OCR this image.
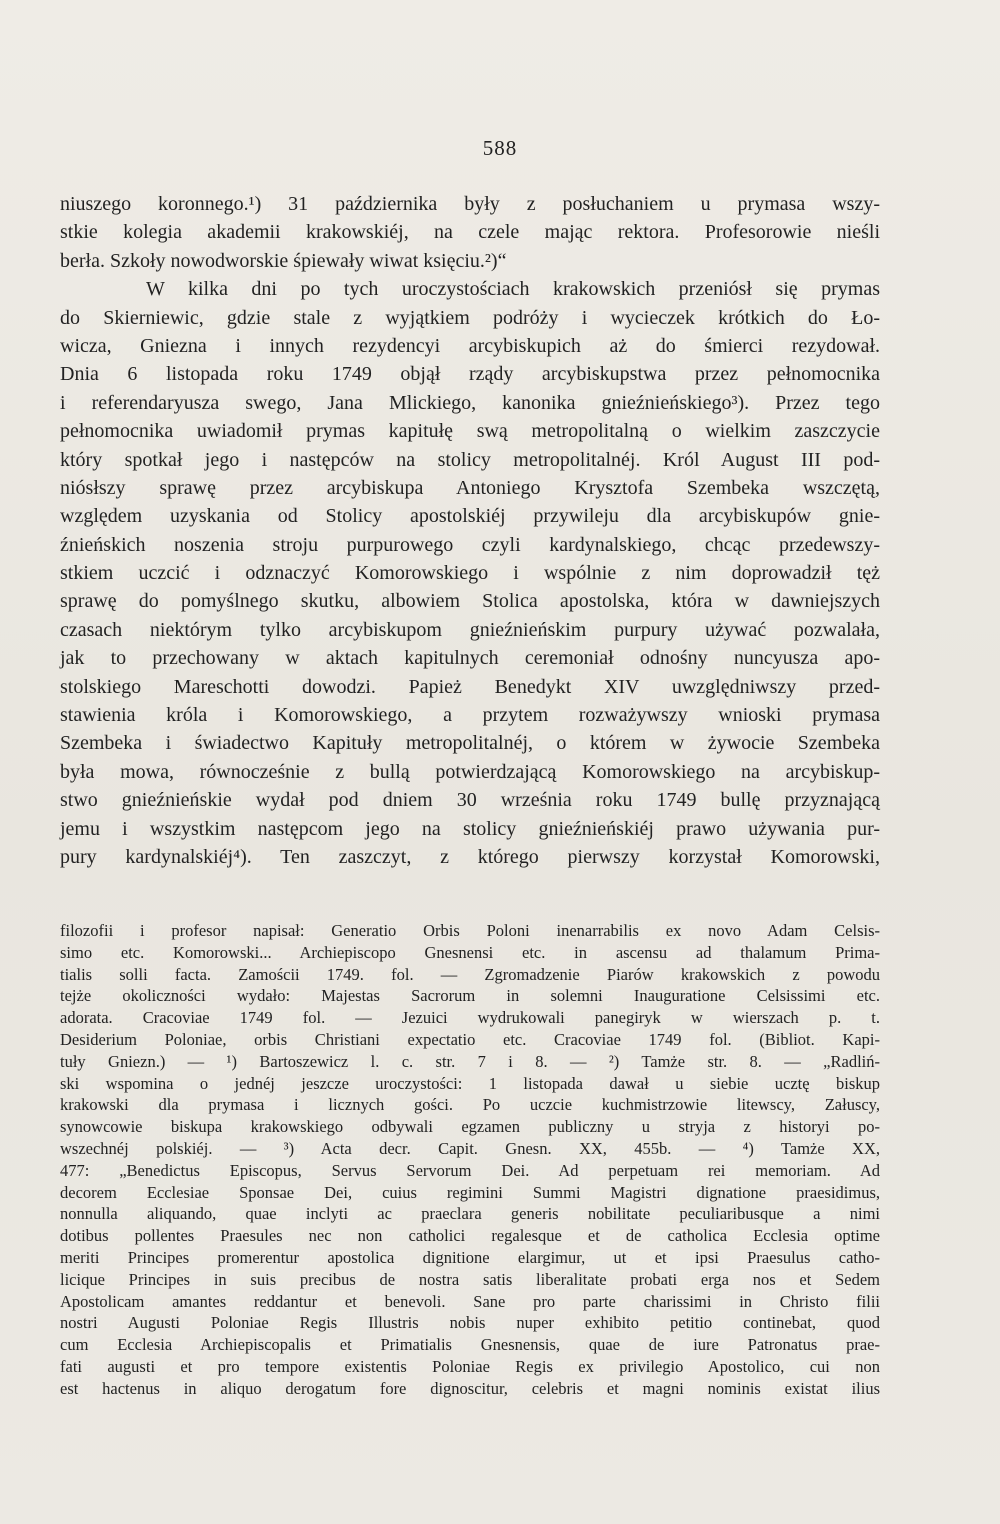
588
niuszego koronnego.¹) 31 października były z posłuchaniem u prymasa wszy-
stkie kolegia akademii krakowskiéj, na czele mając rektora. Profesorowie nieśli
berła. Szkoły nowodworskie śpiewały wiwat księciu.²)“
W kilka dni po tych uroczystościach krakowskich przeniósł się prymas
do Skierniewic, gdzie stale z wyjątkiem podróży i wycieczek krótkich do Ło-
wicza, Gniezna i innych rezydencyi arcybiskupich aż do śmierci rezydował.
Dnia 6 listopada roku 1749 objął rządy arcybiskupstwa przez pełnomocnika
i referendaryusza swego, Jana Mlickiego, kanonika gnieźnieńskiego³). Przez tego
pełnomocnika uwiadomił prymas kapitułę swą metropolitalną o wielkim zaszczycie
który spotkał jego i następców na stolicy metropolitalnéj. Król August III pod-
niósłszy sprawę przez arcybiskupa Antoniego Krysztofa Szembeka wszczętą,
względem uzyskania od Stolicy apostolskiéj przywileju dla arcybiskupów gnie-
źnieńskich noszenia stroju purpurowego czyli kardynalskiego, chcąc przedewszy-
stkiem uczcić i odznaczyć Komorowskiego i wspólnie z nim doprowadził tęż
sprawę do pomyślnego skutku, albowiem Stolica apostolska, która w dawniejszych
czasach niektórym tylko arcybiskupom gnieźnieńskim purpury używać pozwalała,
jak to przechowany w aktach kapitulnych ceremoniał odnośny nuncyusza apo-
stolskiego Mareschotti dowodzi. Papież Benedykt XIV uwzględniwszy przed-
stawienia króla i Komorowskiego, a przytem rozważywszy wnioski prymasa
Szembeka i świadectwo Kapituły metropolitalnéj, o którem w żywocie Szembeka
była mowa, równocześnie z bullą potwierdzającą Komorowskiego na arcybiskup-
stwo gnieźnieńskie wydał pod dniem 30 września roku 1749 bullę przyznającą
jemu i wszystkim następcom jego na stolicy gnieźnieńskiéj prawo używania pur-
pury kardynalskiéj⁴). Ten zaszczyt, z którego pierwszy korzystał Komorowski,
filozofii i profesor napisał: Generatio Orbis Poloni inenarrabilis ex novo Adam Celsis-
simo etc. Komorowski... Archiepiscopo Gnesnensi etc. in ascensu ad thalamum Prima-
tialis solli facta. Zamościi 1749. fol. — Zgromadzenie Piarów krakowskich z powodu
tejże okoliczności wydało: Majestas Sacrorum in solemni Inauguratione Celsissimi etc.
adorata. Cracoviae 1749 fol. — Jezuici wydrukowali panegiryk w wierszach p. t.
Desiderium Poloniae, orbis Christiani expectatio etc. Cracoviae 1749 fol. (Bibliot. Kapi-
tuły Gniezn.) — ¹) Bartoszewicz l. c. str. 7 i 8. — ²) Tamże str. 8. — „Radliń-
ski wspomina o jednéj jeszcze uroczystości: 1 listopada dawał u siebie ucztę biskup
krakowski dla prymasa i licznych gości. Po uczcie kuchmistrzowie litewscy, Załuscy,
synowcowie biskupa krakowskiego odbywali egzamen publiczny u stryja z historyi po-
wszechnéj polskiéj. — ³) Acta decr. Capit. Gnesn. XX, 455b. — ⁴) Tamże XX,
477: „Benedictus Episcopus, Servus Servorum Dei. Ad perpetuam rei memoriam. Ad
decorem Ecclesiae Sponsae Dei, cuius regimini Summi Magistri dignatione praesidimus,
nonnulla aliquando, quae inclyti ac praeclara generis nobilitate peculiaribusque a nimi
dotibus pollentes Praesules nec non catholici regalesque et de catholica Ecclesia optime
meriti Principes promerentur apostolica dignitione elargimur, ut et ipsi Praesulus catho-
licique Principes in suis precibus de nostra satis liberalitate probati erga nos et Sedem
Apostolicam amantes reddantur et benevoli. Sane pro parte charissimi in Christo filii
nostri Augusti Poloniae Regis Illustris nobis nuper exhibito petitio continebat, quod
cum Ecclesia Archiepiscopalis et Primatialis Gnesnensis, quae de iure Patronatus prae-
fati augusti et pro tempore existentis Poloniae Regis ex privilegio Apostolico, cui non
est hactenus in aliquo derogatum fore dignoscitur, celebris et magni nominis existat ilius
